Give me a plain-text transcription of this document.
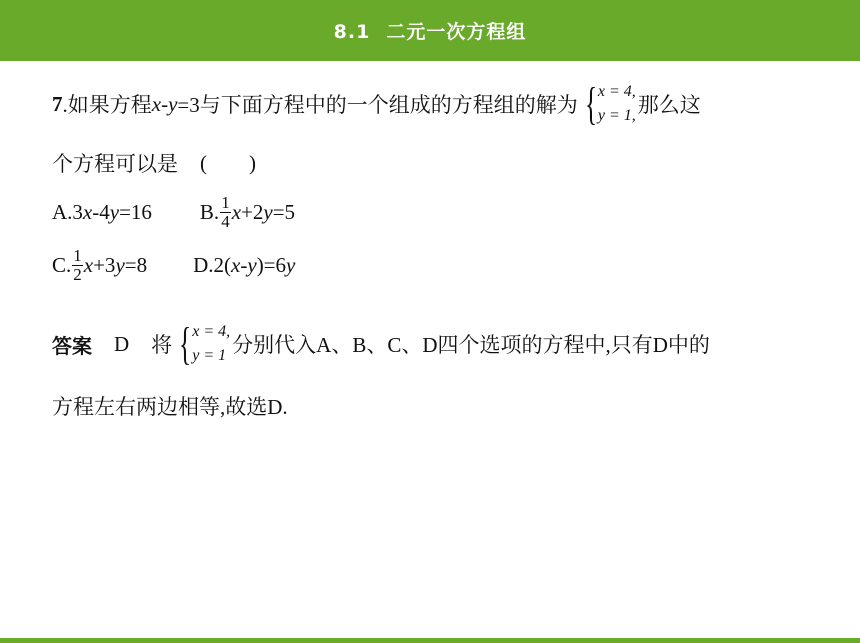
8.1 二元一次方程组
7 .如果方程 x - y =3与下面方程中的一个组成的方程组的解为 { x = 4,
y = 1, 那么这
个方程可以是 (        )
A.3x-4y=16 B. $\frac{1}{4}$ x +2 y =5
C. $\frac{1}{2}$ x +3 y =8 D.2(x-y)=6y
答案 D 将 { x = 4,
y = 1 分别代入A、B、C、D四个选项的方程中,只有D中的
方程左右两边相等,故选D.
